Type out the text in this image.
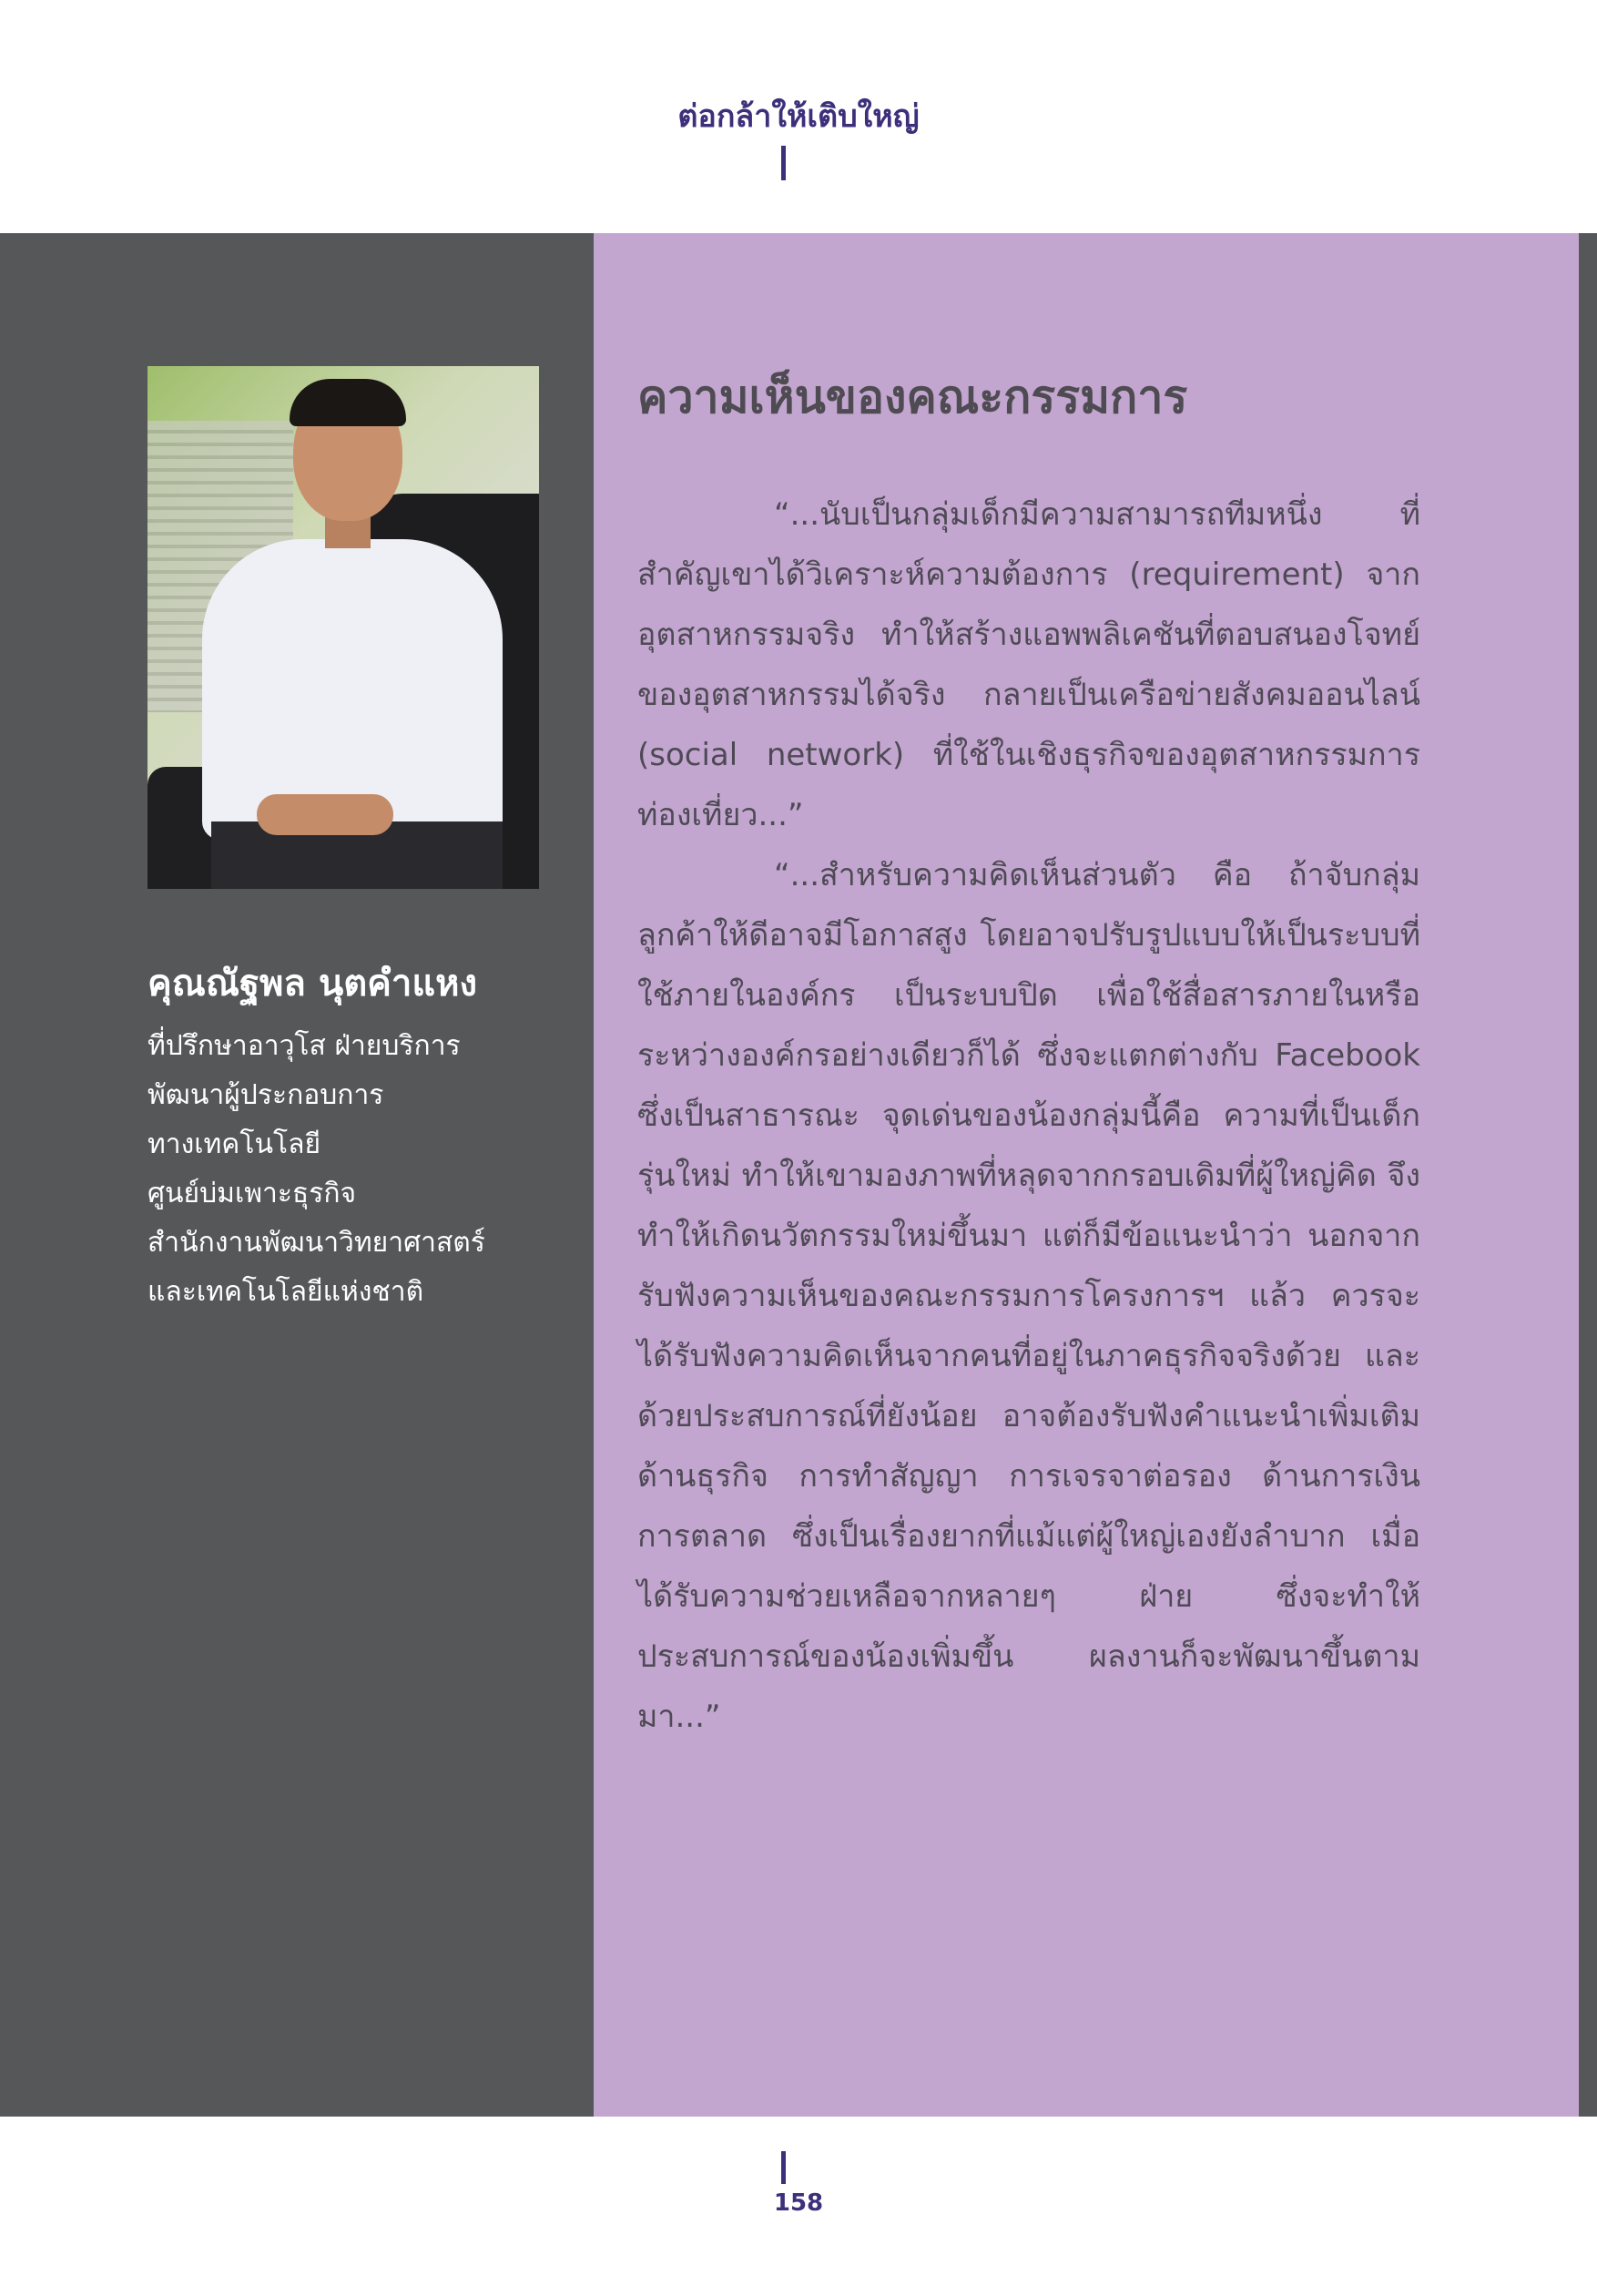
ต่อกล้าให้เติบใหญ่
คุณณัฐพล นุตคำแหง
ที่ปรึกษาอาวุโส ฝ่ายบริการ
พัฒนาผู้ประกอบการ
ทางเทคโนโลยี
ศูนย์บ่มเพาะธุรกิจ
สำนักงานพัฒนาวิทยาศาสตร์
และเทคโนโลยีแห่งชาติ
ความเห็นของคณะกรรมการ
“...นับเป็นกลุ่มเด็กมีความสามารถทีมหนึ่ง ที่สำคัญเขาได้วิเคราะห์ความต้องการ (requirement) จากอุตสาหกรรมจริง ทำให้สร้างแอพพลิเคชันที่ตอบสนองโจทย์ของอุตสาหกรรมได้จริง กลายเป็นเครือข่ายสังคมออนไลน์ (social network) ที่ใช้ในเชิงธุรกิจของอุตสาหกรรมการท่องเที่ยว...”
“...สำหรับความคิดเห็นส่วนตัว คือ ถ้าจับกลุ่มลูกค้าให้ดีอาจมีโอกาสสูง โดยอาจปรับรูปแบบให้เป็นระบบที่ใช้ภายในองค์กร เป็นระบบปิด เพื่อใช้สื่อสารภายในหรือระหว่างองค์กรอย่างเดียวก็ได้ ซึ่งจะแตกต่างกับ Facebook ซึ่งเป็นสาธารณะ จุดเด่นของน้องกลุ่มนี้คือ ความที่เป็นเด็กรุ่นใหม่ ทำให้เขามองภาพที่หลุดจากกรอบเดิมที่ผู้ใหญ่คิด จึงทำให้เกิดนวัตกรรมใหม่ขึ้นมา แต่ก็มีข้อแนะนำว่า นอกจากรับฟังความเห็นของคณะกรรมการโครงการฯ แล้ว ควรจะได้รับฟังความคิดเห็นจากคนที่อยู่ในภาคธุรกิจจริงด้วย และด้วยประสบการณ์ที่ยังน้อย อาจต้องรับฟังคำแนะนำเพิ่มเติมด้านธุรกิจ การทำสัญญา การเจรจาต่อรอง ด้านการเงิน การตลาด ซึ่งเป็นเรื่องยากที่แม้แต่ผู้ใหญ่เองยังลำบาก เมื่อได้รับความช่วยเหลือจากหลายๆ ฝ่าย ซึ่งจะทำให้ประสบการณ์ของน้องเพิ่มขึ้น ผลงานก็จะพัฒนาขึ้นตามมา...”
158
